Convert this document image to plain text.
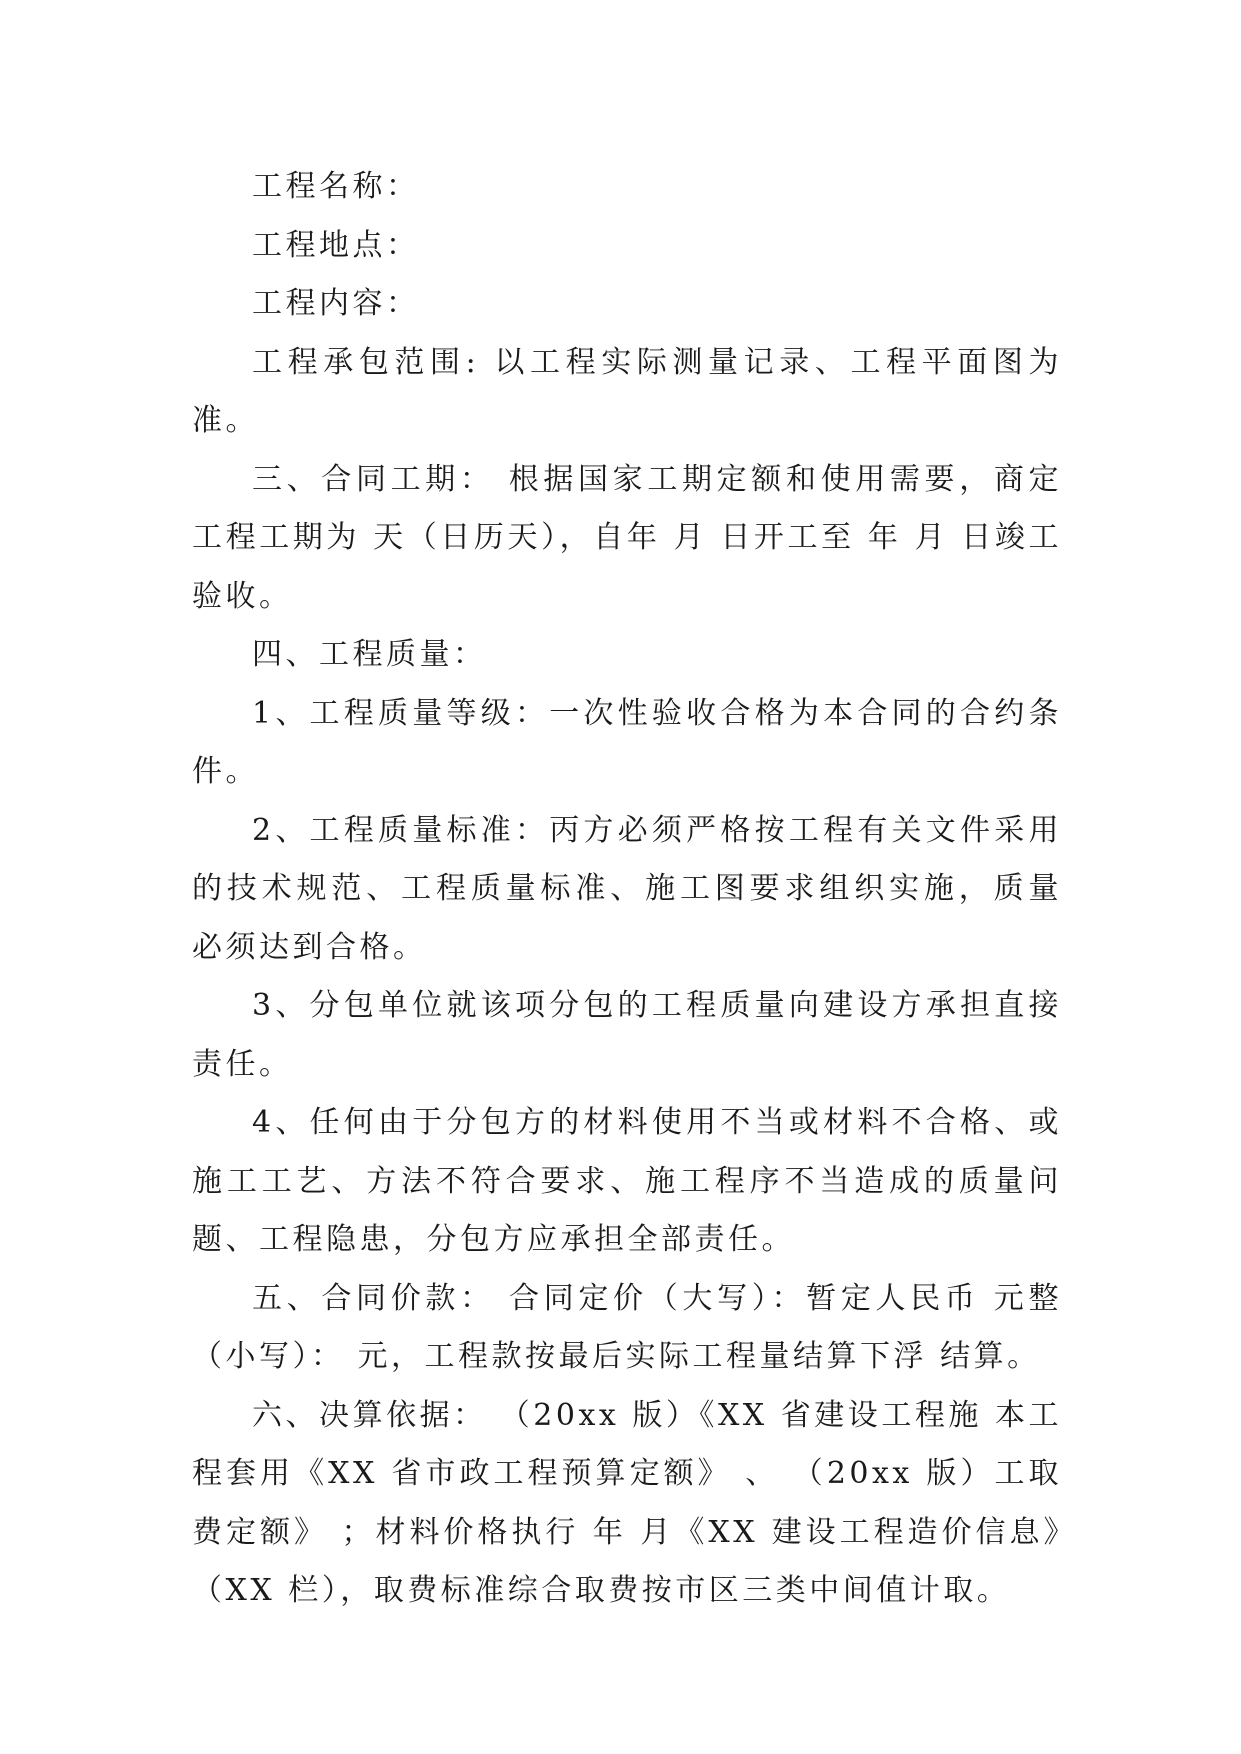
工程名称：

工程地点：

工程内容：

工程承包范围: 以工程实际测量记录、工程平面图为准。

三、合同工期： 根据国家工期定额和使用需要，商定工程工期为 天（日历天），自年 月 日开工至 年 月 日竣工验收。

四、工程质量：

1、工程质量等级：一次性验收合格为本合同的合约条件。

2、工程质量标准：丙方必须严格按工程有关文件采用的技术规范、工程质量标准、施工图要求组织实施，质量必须达到合格。

3、分包单位就该项分包的工程质量向建设方承担直接责任。

4、任何由于分包方的材料使用不当或材料不合格、或施工工艺、方法不符合要求、施工程序不当造成的质量问题、工程隐患，分包方应承担全部责任。

五、合同价款： 合同定价（大写）：暂定人民币 元整（小写）： 元，工程款按最后实际工程量结算下浮 结算。

六、决算依据： （20xx 版）《XX 省建设工程施 本工程套用《XX 省市政工程预算定额》 、 （20xx 版）工取费定额》 ；材料价格执行 年 月《XX 建设工程造价信息》（XX 栏），取费标准综合取费按市区三类中间值计取。
